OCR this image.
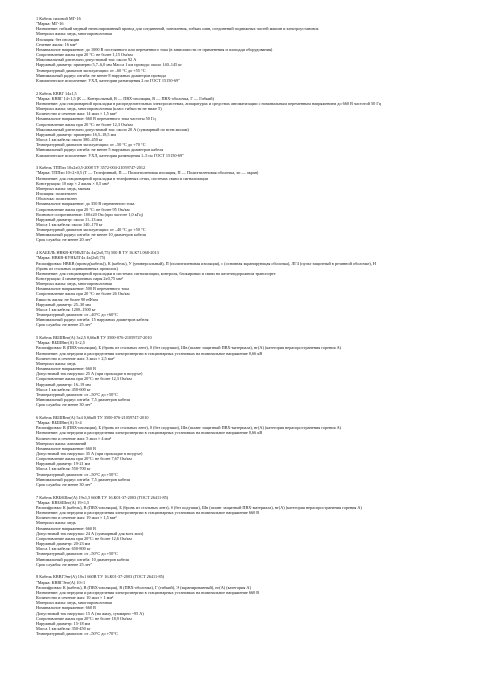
1 Кабель силовой МГ-16
"Марка: МГ-16
Назначение: гибкий медный неизолированный провод для соединений, заземления, гибких шин, соединений подвижных частей машин и электроустановок
Материал жилы: медь, многопроволочная
Изоляция: без изоляции
Сечение жилы: 16 мм²
Номинальное напряжение: до 1000 В постоянного или переменного тока (в зависимости от применения и площади оборудования)
Сопротивление жилы при 20 °С: не более 1,15 Ом/км
Максимальный длительно допустимый ток: около 92 А
Наружный диаметр: примерно 5,7–6,0 мм Масса 1 км провода: около 140–145 кг
Температурный диапазон эксплуатации: от –60 °С до +55 °С
Минимальный радиус изгиба: не менее 8 наружных диаметров провода
Климатическое исполнение: УХЛ, категории размещения 2 по ГОСТ 15150-69"
2 Кабель КВВГ 14х1,5
"Марка: КВВГ 14×1,5 (К — Контрольный, В — ПВХ-изоляция, В — ПВХ-оболочка, Г — Гибкий)
Назначение: для стационарной прокладки в распределительных электросистемах, аппаратурах и средствах автоматизации с номинальным переменным напряжением до 660 В частотой 50 Гц
Материал жилы: медь, многопроволочная (класс гибкости не ниже 5)
Количество и сечение жил: 14 жил × 1,5 мм²
Номинальное напряжение: 660 В переменного тока частоты 50 Гц
Сопротивление жилы при 20 °С: не более 12,3 Ом/км
Максимальный длительно допустимый ток: около 20 А (суммарный по всем жилам)
Наружный диаметр: примерно 16,5–18,5 мм
Масса 1 км кабеля: около 380–450 кг
Температурный диапазон эксплуатации: от –50 °С до +70 °С
Минимальный радиус изгиба: не менее 5 наружных диаметров кабеля
Климатическое исполнение: УХЛ, категория размещения 1–5 по ГОСТ 15150-69"
3 Кабель ТППэп 10х2х0,5-2008 ТУ 3572-004-21059747-2012
"Марка: ТППэп 10×2×0,5 (Т — Телефонный, П — Полиэтиленовая изоляция, П — Полиэтиленовая оболочка, эп — экран)
Назначение: для стационарной прокладки в телефонных сетях, системах связи и сигнализации
Конструкция: 10 пар × 2 жилы × 0,5 мм²
Материал жилы: медь, мягкая
Изоляция: полиэтилен
Оболочка: полиэтилен
Номинальное напряжение: до 350 В переменного тока
Сопротивление жилы при 20 °С: не более 95 Ом/км
Волновое сопротивление: 100±20 Ом (при частоте 1,0 кГц)
Наружный диаметр: около 11–13 мм
Масса 1 км кабеля: около 140–170 кг
Температурный диапазон эксплуатации: от –40 °С до +50 °С
Минимальный радиус изгиба: не менее 10 диаметров кабеля
Срок службы: не менее 20 лет"
4 КАБЕЛЬ НВКВ-КУНЬЛГ4х 4х(2х0,75) 500 В ТУ 16.К71.068-2013
"Марка: НВКВ-КУНЬЛГ4х 4х(2х0,75)
Расшифровка: НВКВ (провод(кабель)), К (кабель), У (универсальный), П (полиэтиленовая изоляция), с (основная экранирующая оболочка), ЛГ4 (пульт защитный в резинной оболочке), Н
(бронь из стальных оцинкованных проволок)
Назначение: для стационарной прокладки в системах сигнализации, контроля, блокировки и связи на железнодорожном транспорте
Конструкция: 4 симметричных пары 2х0,75 мм²
Материал жилы: медь, многопроволочная
Номинальное напряжение: 500 В переменного тока
Сопротивление жилы при 20 °С: не более 26 Ом/км
Емкость жилы: не более 90 нФ/км
Наружный диаметр: 25–30 мм
Масса 1 км кабеля: 1200–1500 кг
Температурный диапазон: от –40°С до +60°С
Минимальный радиус изгиба: 15 наружных диаметров кабеля
Срок службы: не менее 25 лет"
5 Кабель ВБШВнг(А) 3х2,5 0,66кВ ТУ 3500-076-21059747-2010
"Марка: ВБШВнг(А) 3×2,5
Расшифровка: В (ПВХ-изоляция), Б (бронь из стальных лент), 0 (без подушки), Шв (шланг защитный ПВХ-материала), нг(А) (категория нераспространения горения А)
Назначение: для передачи и распределения электроэнергии в стационарных установках на номинальное напряжение 0,66 кВ
Количество и сечение жил: 3 жил × 2,5 мм²
Материал жилы: медь
Номинальное напряжение: 660 В
Допустимый ток нагрузки: 25 А (при прокладке в воздухе)
Сопротивление жилы при 20°С: не более 12,3 Ом/км
Наружный диаметр: 16–19 мм
Масса 1 км кабеля: 450-600 кг
Температурный диапазон: от –50°С до +50°С
Минимальный радиус изгиба: 7,5 диаметров кабеля
Срок службы: не менее 30 лет"
6 Кабель ВБШВнг(А) 5х4 0,66кВ ТУ 3500-076-21059747-2010
"Марка: ВБШВнг(А) 5×4
Расшифровка: В (ПВХ-изоляция), Б (бронь из стальных лент), 0 (без подушки), Шв (шланг защитный ПВХ-материала), нг(А) (категория нераспространения горения А)
Назначение: для передачи и распределения электроэнергии в стационарных установках на номинальное напряжение 0,66 кВ
Количество и сечение жил: 5 жил × 4 мм²
Материал жилы: алюминий
Номинальное напряжение: 660 В
Допустимый ток нагрузки: 35 А (при прокладке в воздухе)
Сопротивление жилы при 20°С: не более 7,67 Ом/км
Наружный диаметр: 19-21 мм
Масса 1 км кабеля: 550-700 кг
Температурный диапазон: от –50°С до +50°С
Минимальный радиус изгиба: 7,5 диаметров кабеля
Срок службы: не менее 30 лет"
7 Кабель КВБбШнг(А) 19х1,5 660В ТУ 16.К01-37-2003 (ГОСТ 26411-85)
"Марка: КВБбШнг(А) 19×1,5
Расшифровка: К (кабель), В (ПВХ-изоляция), Б (бронь из стальных лент), б (без подушки), Шв (шланг защитный ПВХ-материала), нг(А) (категория нераспространения горения А)
Назначение: для передачи и распределения электроэнергии в стационарных установках на номинальное напряжение 660 В
Количество и сечение жил: 19 жил × 1,5 мм²
Материал жилы: медь
Номинальное напряжение: 660 В
Допустимый ток нагрузки: 24 А (суммарный для всех жил)
Сопротивление жилы при 20°С: не более 12,6 Ом/км
Наружный диаметр: 20-23 мм
Масса 1 км кабеля: 650-800 кг
Температурный диапазон: от –50°С до +50°С
Минимальный радиус изгиба: 10 диаметров кабеля
Срок службы: не менее 25 лет"
8 Кабель КВВГЭнг(А) 10х1 660В ТУ 16.К01-37-2003 (ГОСТ 26411-85)
"Марка: КВВГЭнг(А) 10×1
Расшифровка: К (кабель), В (ПВХ-изоляция), В (ПВХ-оболочка), Г (гибкий), Э (экранированный), нг(А) (категория А)
Назначение: для передачи и распределения электроэнергии в стационарных установках на номинальное напряжение 660 В
Количество и сечение жил: 10 жил × 1 мм²
Материал жилы: медь, многопроволочная
Номинальное напряжение: 660 В
Допустимый ток нагрузки: 15 А (на жилу, суммарно ~95 А)
Сопротивление жилы при 20°С: не более 18,9 Ом/км
Наружный диаметр: 15-18 мм
Масса 1 км кабеля: 350-450 кг
Температурный диапазон: от –50°С до +70°С
